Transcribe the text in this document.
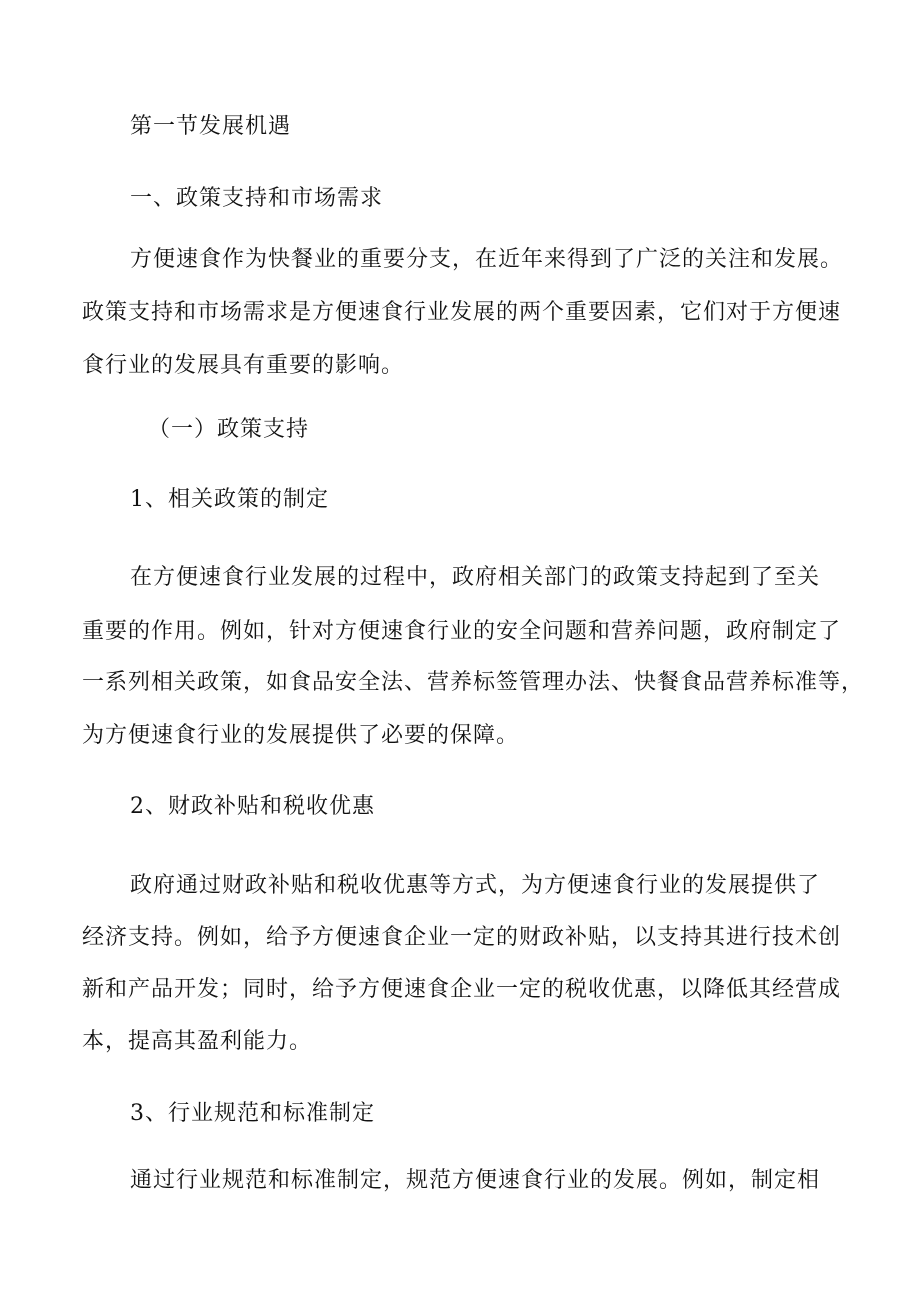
第一节发展机遇
一、政策支持和市场需求
方便速食作为快餐业的重要分支，在近年来得到了广泛的关注和发展。
政策支持和市场需求是方便速食行业发展的两个重要因素，它们对于方便速
食行业的发展具有重要的影响。
（一）政策支持
1、相关政策的制定
在方便速食行业发展的过程中，政府相关部门的政策支持起到了至关
重要的作用。例如，针对方便速食行业的安全问题和营养问题，政府制定了
一系列相关政策，如食品安全法、营养标签管理办法、快餐食品营养标准等，
为方便速食行业的发展提供了必要的保障。
2、财政补贴和税收优惠
政府通过财政补贴和税收优惠等方式，为方便速食行业的发展提供了
经济支持。例如，给予方便速食企业一定的财政补贴，以支持其进行技术创
新和产品开发；同时，给予方便速食企业一定的税收优惠，以降低其经营成
本，提高其盈利能力。
3、行业规范和标准制定
通过行业规范和标准制定，规范方便速食行业的发展。例如，制定相
